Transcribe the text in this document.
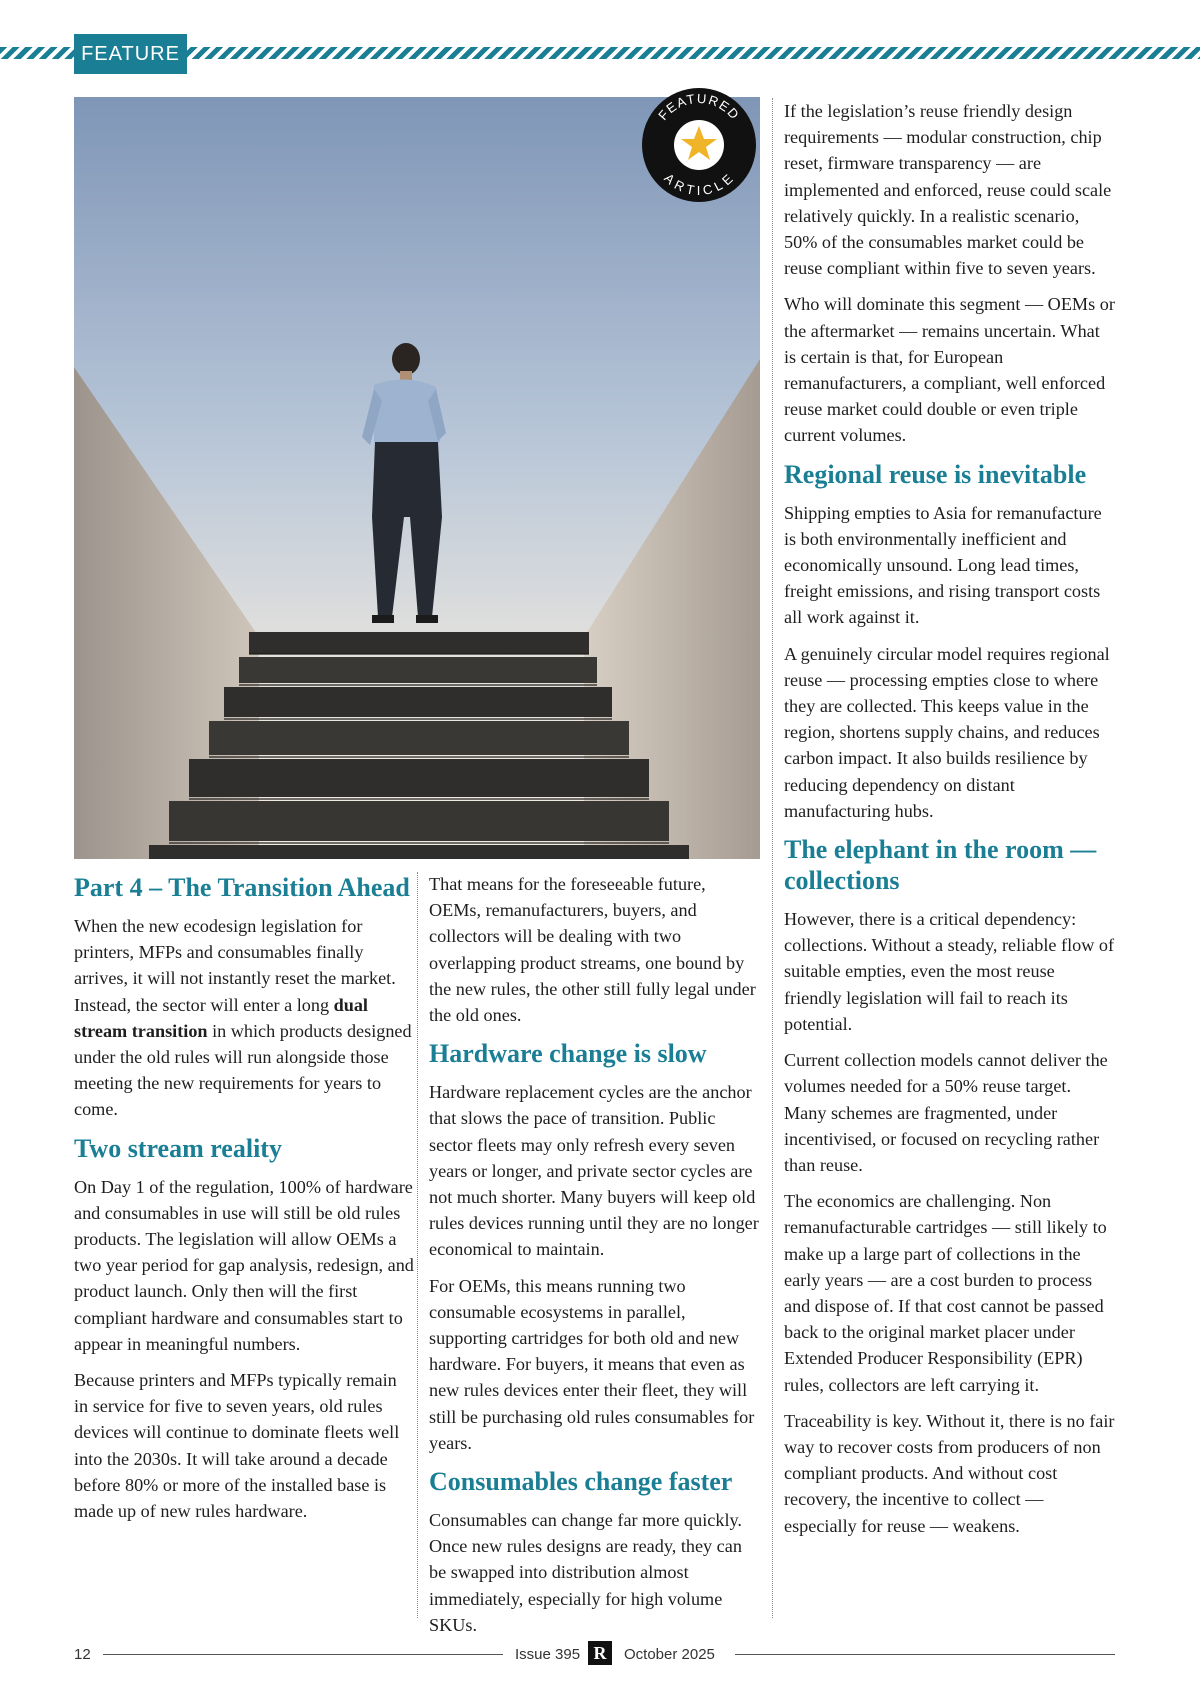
FEATURE
FEATURED
ARTICLE
Part 4 – The Transition Ahead

When the new ecodesign legislation for printers, MFPs and consumables finally arrives, it will not instantly reset the market. Instead, the sector will enter a long dual stream transition in which products designed under the old rules will run alongside those meeting the new requirements for years to come.

Two stream reality

On Day 1 of the regulation, 100% of hardware and consumables in use will still be old rules products. The legislation will allow OEMs a two year period for gap analysis, redesign, and product launch. Only then will the first compliant hardware and consumables start to appear in meaningful numbers.

Because printers and MFPs typically remain in service for five to seven years, old rules devices will continue to dominate fleets well into the 2030s. It will take around a decade before 80% or more of the installed base is made up of new rules hardware.

That means for the foreseeable future, OEMs, remanufacturers, buyers, and collectors will be dealing with two overlapping product streams, one bound by the new rules, the other still fully legal under the old ones.

Hardware change is slow

Hardware replacement cycles are the anchor that slows the pace of transition. Public sector fleets may only refresh every seven years or longer, and private sector cycles are not much shorter. Many buyers will keep old rules devices running until they are no longer economical to maintain.

For OEMs, this means running two consumable ecosystems in parallel, supporting cartridges for both old and new hardware. For buyers, it means that even as new rules devices enter their fleet, they will still be purchasing old rules consumables for years.

Consumables change faster

Consumables can change far more quickly. Once new rules designs are ready, they can be swapped into distribution almost immediately, especially for high volume SKUs.

If the legislation’s reuse friendly design requirements — modular construction, chip reset, firmware transparency — are implemented and enforced, reuse could scale relatively quickly. In a realistic scenario, 50% of the consumables market could be reuse compliant within five to seven years.

Who will dominate this segment — OEMs or the aftermarket — remains uncertain. What is certain is that, for European remanufacturers, a compliant, well enforced reuse market could double or even triple current volumes.

Regional reuse is inevitable

Shipping empties to Asia for remanufacture is both environmentally inefficient and economically unsound. Long lead times, freight emissions, and rising transport costs all work against it.

A genuinely circular model requires regional reuse — processing empties close to where they are collected. This keeps value in the region, shortens supply chains, and reduces carbon impact. It also builds resilience by reducing dependency on distant manufacturing hubs.

The elephant in the room — collections

However, there is a critical dependency: collections. Without a steady, reliable flow of suitable empties, even the most reuse friendly legislation will fail to reach its potential.

Current collection models cannot deliver the volumes needed for a 50% reuse target. Many schemes are fragmented, under incentivised, or focused on recycling rather than reuse.

The economics are challenging. Non remanufacturable cartridges — still likely to make up a large part of collections in the early years — are a cost burden to process and dispose of. If that cost cannot be passed back to the original market placer under Extended Producer Responsibility (EPR) rules, collectors are left carrying it.

Traceability is key. Without it, there is no fair way to recover costs from producers of non compliant products. And without cost recovery, the incentive to collect — especially for reuse — weakens.

12	Issue 395 R	October 2025
